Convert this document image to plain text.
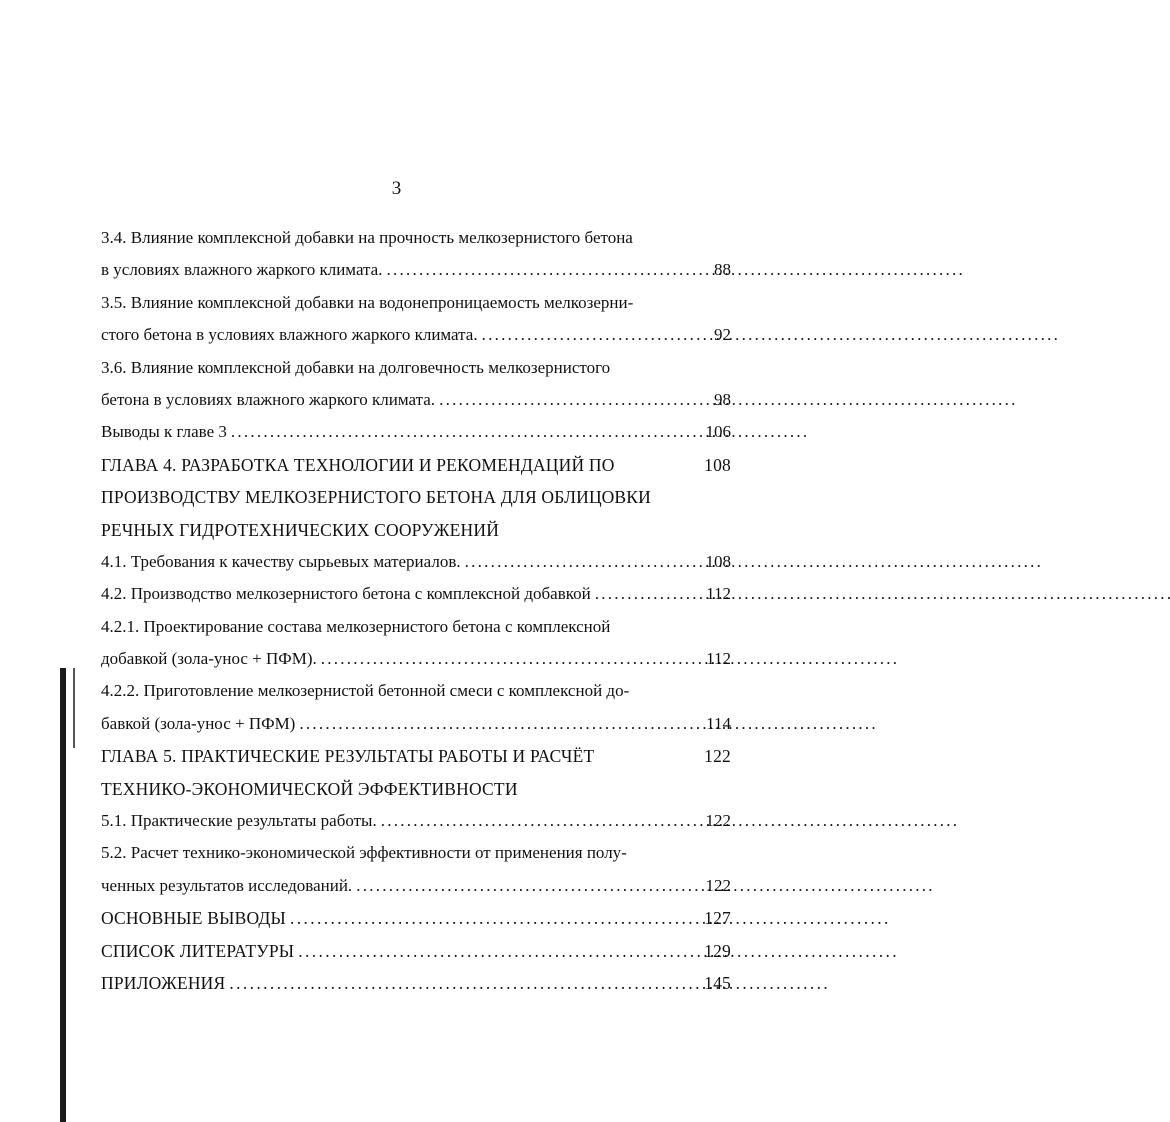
3
3.4. Влияние комплексной добавки на прочность мелкозернистого бетона
в условиях влажного жаркого климата. . . .	88
3.5. Влияние комплексной добавки на водонепроницаемость мелкозерни-
стого бетона в условиях влажного жаркого климата. . . .	92
3.6. Влияние комплексной добавки на долговечность мелкозернистого
бетона в условиях влажного жаркого климата. . . .	98
Выводы к главе 3 . . .	106
ГЛАВА 4. РАЗРАБОТКА ТЕХНОЛОГИИ И РЕКОМЕНДАЦИЙ ПО	108
ПРОИЗВОДСТВУ МЕЛКОЗЕРНИСТОГО БЕТОНА ДЛЯ ОБЛИЦОВКИ
РЕЧНЫХ ГИДРОТЕХНИЧЕСКИХ СООРУЖЕНИЙ
4.1. Требования к качеству сырьевых материалов. . . .	108
4.2. Производство мелкозернистого бетона с комплексной добавкой . . .	112
4.2.1. Проектирование состава мелкозернистого бетона с комплексной
добавкой (зола-унос + ПФМ). . . .	112
4.2.2. Приготовление мелкозернистой бетонной смеси с комплексной до-
бавкой (зола-унос + ПФМ) . . .	114
ГЛАВА 5. ПРАКТИЧЕСКИЕ РЕЗУЛЬТАТЫ РАБОТЫ И РАСЧЁТ	122
ТЕХНИКО-ЭКОНОМИЧЕСКОЙ ЭФФЕКТИВНОСТИ
5.1. Практические результаты работы. . . .	122
5.2. Расчет технико-экономической эффективности от применения полу-
ченных результатов исследований. . . .	122
ОСНОВНЫЕ ВЫВОДЫ . . .	127
СПИСОК ЛИТЕРАТУРЫ . . .	129
ПРИЛОЖЕНИЯ . . .	145
